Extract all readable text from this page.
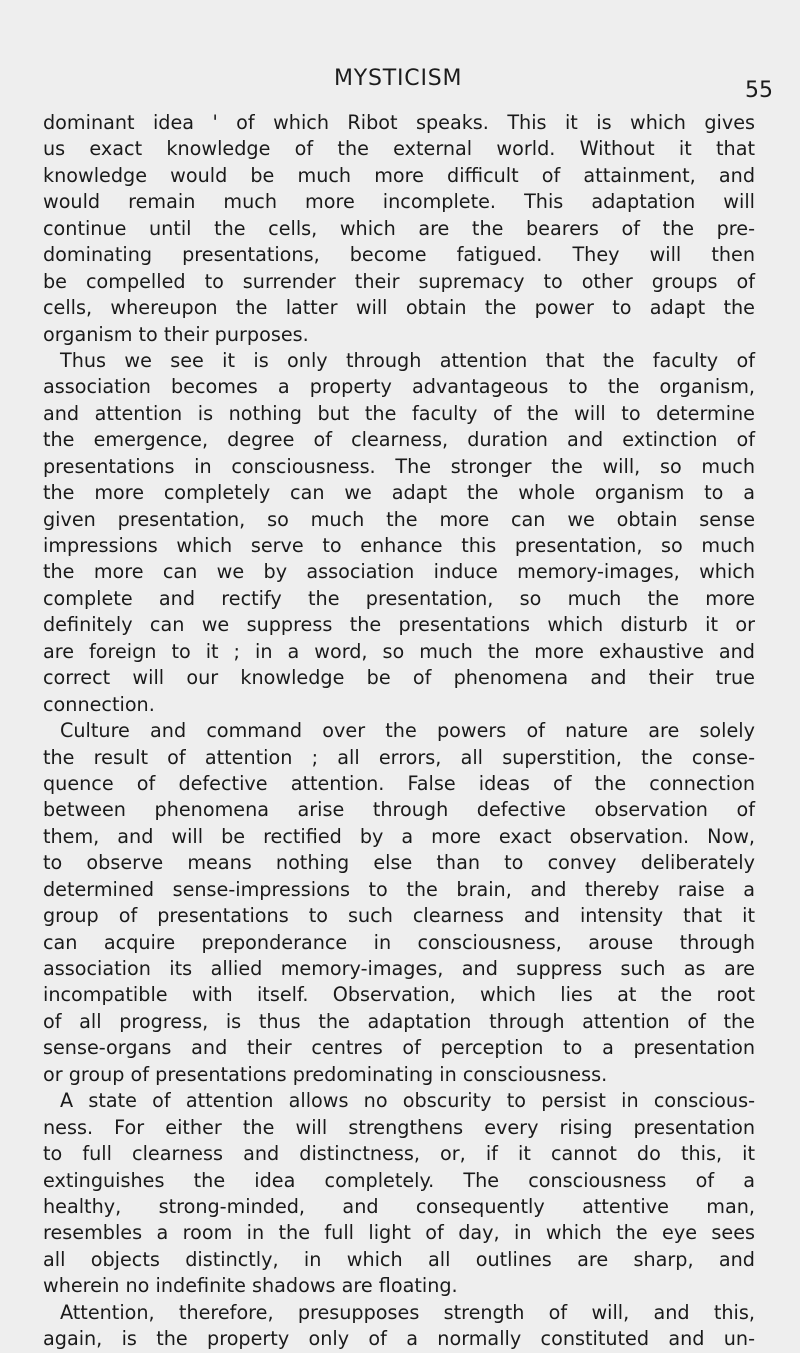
MYSTICISM	55
dominant idea ' of which Ribot speaks. This it is which gives
us exact knowledge of the external world. Without it that
knowledge would be much more difficult of attainment, and
would remain much more incomplete. This adaptation will
continue until the cells, which are the bearers of the pre-
dominating presentations, become fatigued. They will then
be compelled to surrender their supremacy to other groups of
cells, whereupon the latter will obtain the power to adapt the
organism to their purposes.
Thus we see it is only through attention that the faculty of
association becomes a property advantageous to the organism,
and attention is nothing but the faculty of the will to determine
the emergence, degree of clearness, duration and extinction of
presentations in consciousness. The stronger the will, so much
the more completely can we adapt the whole organism to a
given presentation, so much the more can we obtain sense
impressions which serve to enhance this presentation, so much
the more can we by association induce memory-images, which
complete and rectify the presentation, so much the more
definitely can we suppress the presentations which disturb it or
are foreign to it ; in a word, so much the more exhaustive and
correct will our knowledge be of phenomena and their true
connection.
Culture and command over the powers of nature are solely
the result of attention ; all errors, all superstition, the conse-
quence of defective attention. False ideas of the connection
between phenomena arise through defective observation of
them, and will be rectified by a more exact observation. Now,
to observe means nothing else than to convey deliberately
determined sense-impressions to the brain, and thereby raise a
group of presentations to such clearness and intensity that it
can acquire preponderance in consciousness, arouse through
association its allied memory-images, and suppress such as are
incompatible with itself. Observation, which lies at the root
of all progress, is thus the adaptation through attention of the
sense-organs and their centres of perception to a presentation
or group of presentations predominating in consciousness.
A state of attention allows no obscurity to persist in conscious-
ness. For either the will strengthens every rising presentation
to full clearness and distinctness, or, if it cannot do this, it
extinguishes the idea completely. The consciousness of a
healthy, strong-minded, and consequently attentive man,
resembles a room in the full light of day, in which the eye sees
all objects distinctly, in which all outlines are sharp, and
wherein no indefinite shadows are floating.
Attention, therefore, presupposes strength of will, and this,
again, is the property only of a normally constituted and un-
